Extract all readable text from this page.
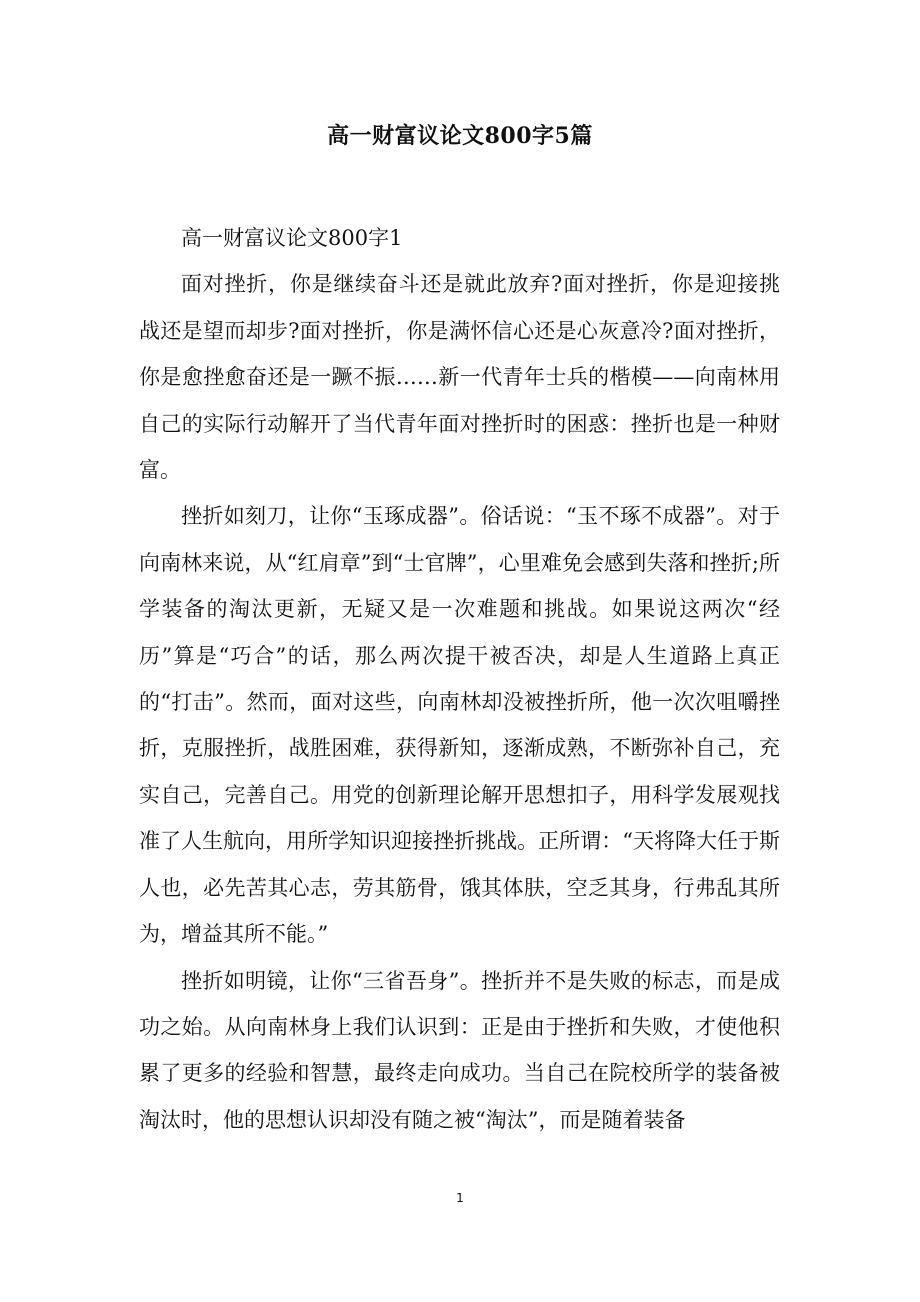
高一财富议论文800字5篇

高一财富议论文800字1

面对挫折，你是继续奋斗还是就此放弃?面对挫折，你是迎接挑战还是望而却步?面对挫折，你是满怀信心还是心灰意冷?面对挫折，你是愈挫愈奋还是一蹶不振……新一代青年士兵的楷模——向南林用自己的实际行动解开了当代青年面对挫折时的困惑：挫折也是一种财富。

挫折如刻刀，让你“玉琢成器”。俗话说：“玉不琢不成器”。对于向南林来说，从“红肩章”到“士官牌”，心里难免会感到失落和挫折;所学装备的淘汰更新，无疑又是一次难题和挑战。如果说这两次“经历”算是“巧合”的话，那么两次提干被否决，却是人生道路上真正的“打击”。然而，面对这些，向南林却没被挫折所，他一次次咀嚼挫折，克服挫折，战胜困难，获得新知，逐渐成熟，不断弥补自己，充实自己，完善自己。用党的创新理论解开思想扣子，用科学发展观找准了人生航向，用所学知识迎接挫折挑战。正所谓：“天将降大任于斯人也，必先苦其心志，劳其筋骨，饿其体肤，空乏其身，行弗乱其所为，增益其所不能。”

挫折如明镜，让你“三省吾身”。挫折并不是失败的标志，而是成功之始。从向南林身上我们认识到：正是由于挫折和失败，才使他积累了更多的经验和智慧，最终走向成功。当自己在院校所学的装备被淘汰时，他的思想认识却没有随之被“淘汰”，而是随着装备

1
